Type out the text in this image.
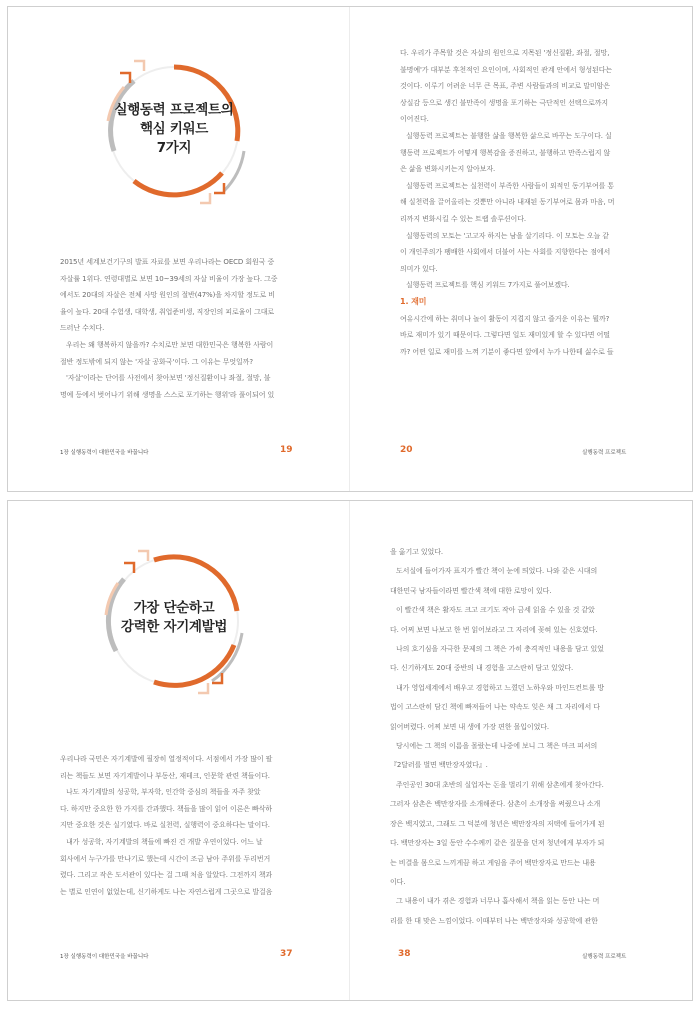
실행동력 프로젝트의
핵심 키워드
7가지

2015년 세계보건기구의 발표 자료를 보면 우리나라는 OECD 회원국 중

자살률 1위다. 연령대별로 보면 10~39세의 자살 비율이 가장 높다. 그중

에서도 20대의 자살은 전체 사망 원인의 절반(47%)을 차지할 정도로 비

율이 높다. 20대 수험생, 대학생, 취업준비생, 직장인의 피로율이 그대로

드러난 수치다.

우리는 왜 행복하지 않을까? 수치로만 보면 대한민국은 행복한 사람이

절반 정도밖에 되지 않는 '자살 공화국'이다. 그 이유는 무엇일까?

'자살'이라는 단어를 사전에서 찾아보면 '정신질환이나 좌절, 절망, 불

명예 등에서 벗어나기 위해 생명을 스스로 포기하는 행위'라 풀이되어 있

1장 실행동력이 대한민국을 바꿉니다	19

다. 우리가 주목할 것은 자살의 원인으로 지목된 '정신질환, 좌절, 절망,

불명예'가 대부분 후천적인 요인이며, 사회적인 관계 안에서 형성된다는

것이다. 이루기 어려운 너무 큰 목표, 주변 사람들과의 비교로 말미암은

상실감 등으로 생긴 불만족이 생명을 포기하는 극단적인 선택으로까지

이어진다.

실행동력 프로젝트는 불행한 삶을 행복한 삶으로 바꾸는 도구이다. 실

행동력 프로젝트가 어떻게 행복감을 증진하고, 불행하고 만족스럽지 않

은 삶을 변화시키는지 알아보자.

실행동력 프로젝트는 실천력이 부족한 사람들이 외적인 동기부여를 통

해 실천력을 끌어올리는 것뿐만 아니라 내재된 동기부여로 몸과 마음, 머

리까지 변화시킬 수 있는 트랩 솔루션이다.

실행동력의 모토는 '고고자 하지는 남을 살기리다. 이 모토는 오늘 같

이 개인주의가 팽배한 사회에서 더불어 사는 사회를 지향한다는 점에서

의미가 있다.

실행동력 프로젝트를 핵심 키워드 7가지로 풀어보겠다.

1. 재미

여유시간에 하는 취미나 놀이 활동이 지겹지 않고 즐거운 이유는 뭘까?

바로 재미가 있기 때문이다. 그렇다면 일도 재미있게 할 수 있다면 어떨

까? 어떤 일로 재미를 느껴 기분이 좋다면 앞에서 누가 나한테 싫수로 들

20	실행동력 프로젝트
가장 단순하고
강력한 자기계발법

우리나라 국민은 자기계발에 필장히 열정적이다. 서점에서 가장 많이 팔

리는 책들도 보면 자기계발이나 부동산, 재테크, 인문학 관련 책들이다.

나도 자기계발의 성공학, 부자학, 인간학 중심의 책들을 자주 찾았

다. 하지만 중요한 한 가지를 간과했다. 책들을 많이 읽어 이론은 빠삭하

지만 중요한 것은 실기였다. 바로 실천력, 실행력이 중요하다는 말이다.

내가 성공학, 자기계발의 책들에 빠진 건 개발 우연이었다. 어느 날

회사에서 누구가를 만나기로 했는데 시간이 조금 남아 주위를 두리번거

렸다. 그리고 작은 도서관이 있다는 걸 그때 처음 알았다. 그전까지 책과

는 별로 인연이 없었는데, 신기하게도 나는 자연스럽게 그곳으로 발걸음

1장 실행동력이 대한민국을 바꿉니다	37

을 옮기고 있었다.

도서실에 들어가자 표지가 빨간 책이 눈에 띄었다. 나와 같은 시대의

대한민국 남자들이라면 빨간색 책에 대한 로망이 있다.

이 빨간색 책은 활자도 크고 크기도 작아 금세 읽을 수 있을 것 같았

다. 어찌 보면 나보고 한 번 읽어보라고 그 자리에 꽂혀 있는 신호였다.

나의 호기심을 자극한 문제의 그 책은 가히 충격적인 내용을 담고 있었

다. 신기하게도 20대 중반의 내 경험을 고스란히 담고 있었다.

내가 영업세계에서 배우고 경험하고 느꼈던 노하우와 마인드컨트롤 방

법이 고스란히 담긴 책에 빠져들어 나는 약속도 잊은 채 그 자리에서 다

읽어버렸다. 어찌 보면 내 생에 가장 편한 몰입이었다.

당시에는 그 책의 이름을 몰랐는데 나중에 보니 그 책은 마크 피셔의

『2달러를 벌면 백만장자였다』.

주인공인 30대 초반의 실업자는 돈을 벌리기 위해 삼촌에게 찾아간다.

그러자 삼촌은 백만장자를 소개해준다. 삼촌이 소개장을 써줬으나 소개

장은 백지였고, 그래도 그 덕분에 청년은 백만장자의 저택에 들어가게 된

다. 백만장자는 3일 동안 수수께끼 같은 질문을 던져 청년에게 부자가 되

는 비결을 몸으로 느끼게끔 하고 게임을 주어 백만장자로 만드는 내용

이다.

그 내용이 내가 겪은 경험과 너무나 흡사해서 책을 읽는 동안 나는 머

리를 한 대 맞은 느낌이었다. 이때부터 나는 백만장자와 성공학에 관한

38	실행동력 프로젝트
